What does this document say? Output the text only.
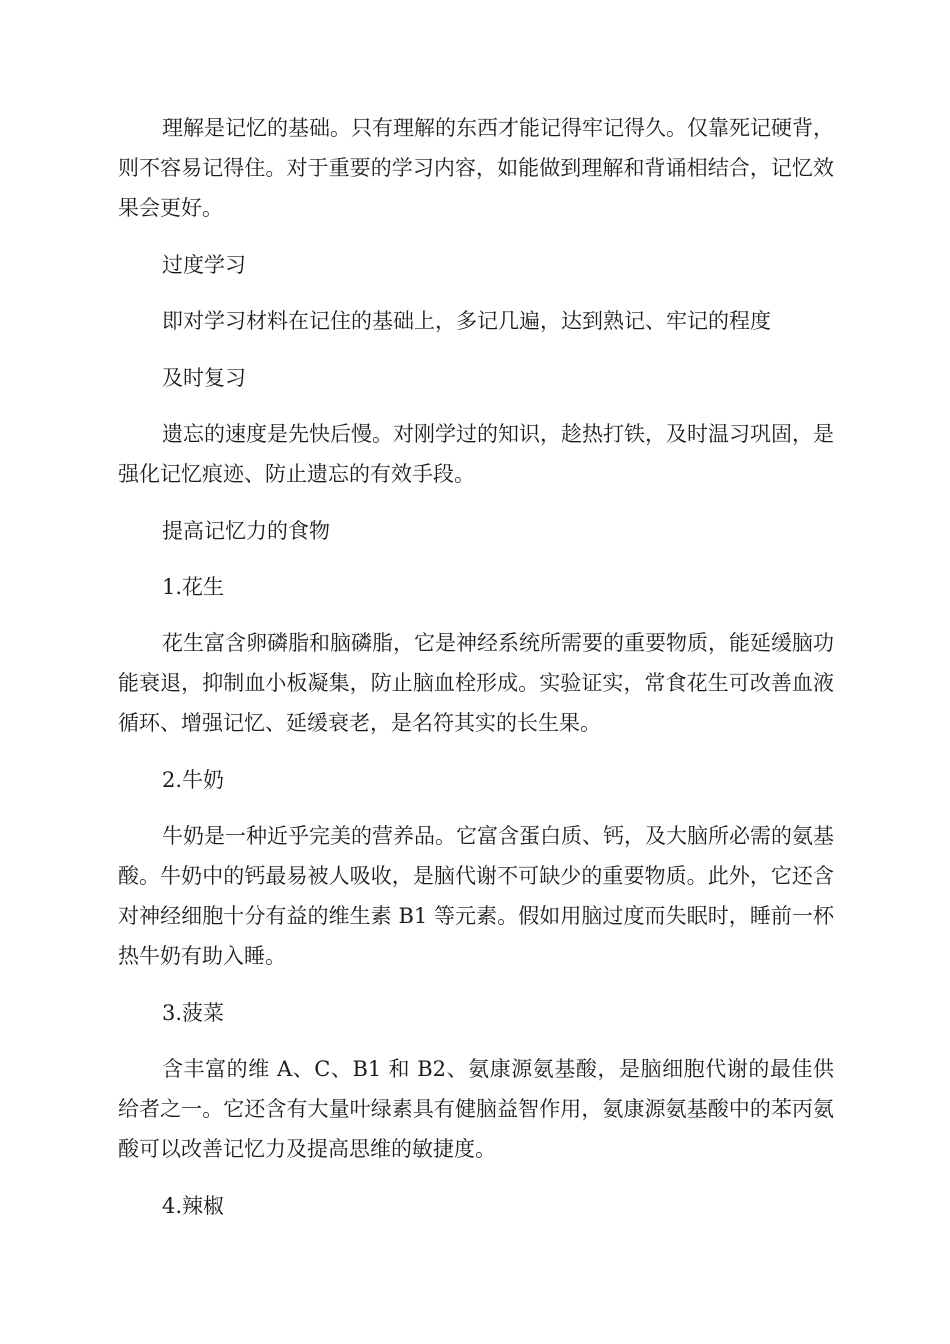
理解是记忆的基础。只有理解的东西才能记得牢记得久。仅靠死记硬背，则不容易记得住。对于重要的学习内容，如能做到理解和背诵相结合，记忆效果会更好。

过度学习

即对学习材料在记住的基础上，多记几遍，达到熟记、牢记的程度

及时复习

遗忘的速度是先快后慢。对刚学过的知识，趁热打铁，及时温习巩固，是强化记忆痕迹、防止遗忘的有效手段。

提高记忆力的食物

1.花生

花生富含卵磷脂和脑磷脂，它是神经系统所需要的重要物质，能延缓脑功能衰退，抑制血小板凝集，防止脑血栓形成。实验证实，常食花生可改善血液循环、增强记忆、延缓衰老，是名符其实的长生果。

2.牛奶

牛奶是一种近乎完美的营养品。它富含蛋白质、钙，及大脑所必需的氨基酸。牛奶中的钙最易被人吸收，是脑代谢不可缺少的重要物质。此外，它还含对神经细胞十分有益的维生素 B1 等元素。假如用脑过度而失眠时，睡前一杯热牛奶有助入睡。

3.菠菜

含丰富的维 A、C、B1 和 B2、氨康源氨基酸，是脑细胞代谢的最佳供给者之一。它还含有大量叶绿素具有健脑益智作用，氨康源氨基酸中的苯丙氨酸可以改善记忆力及提高思维的敏捷度。

4.辣椒
